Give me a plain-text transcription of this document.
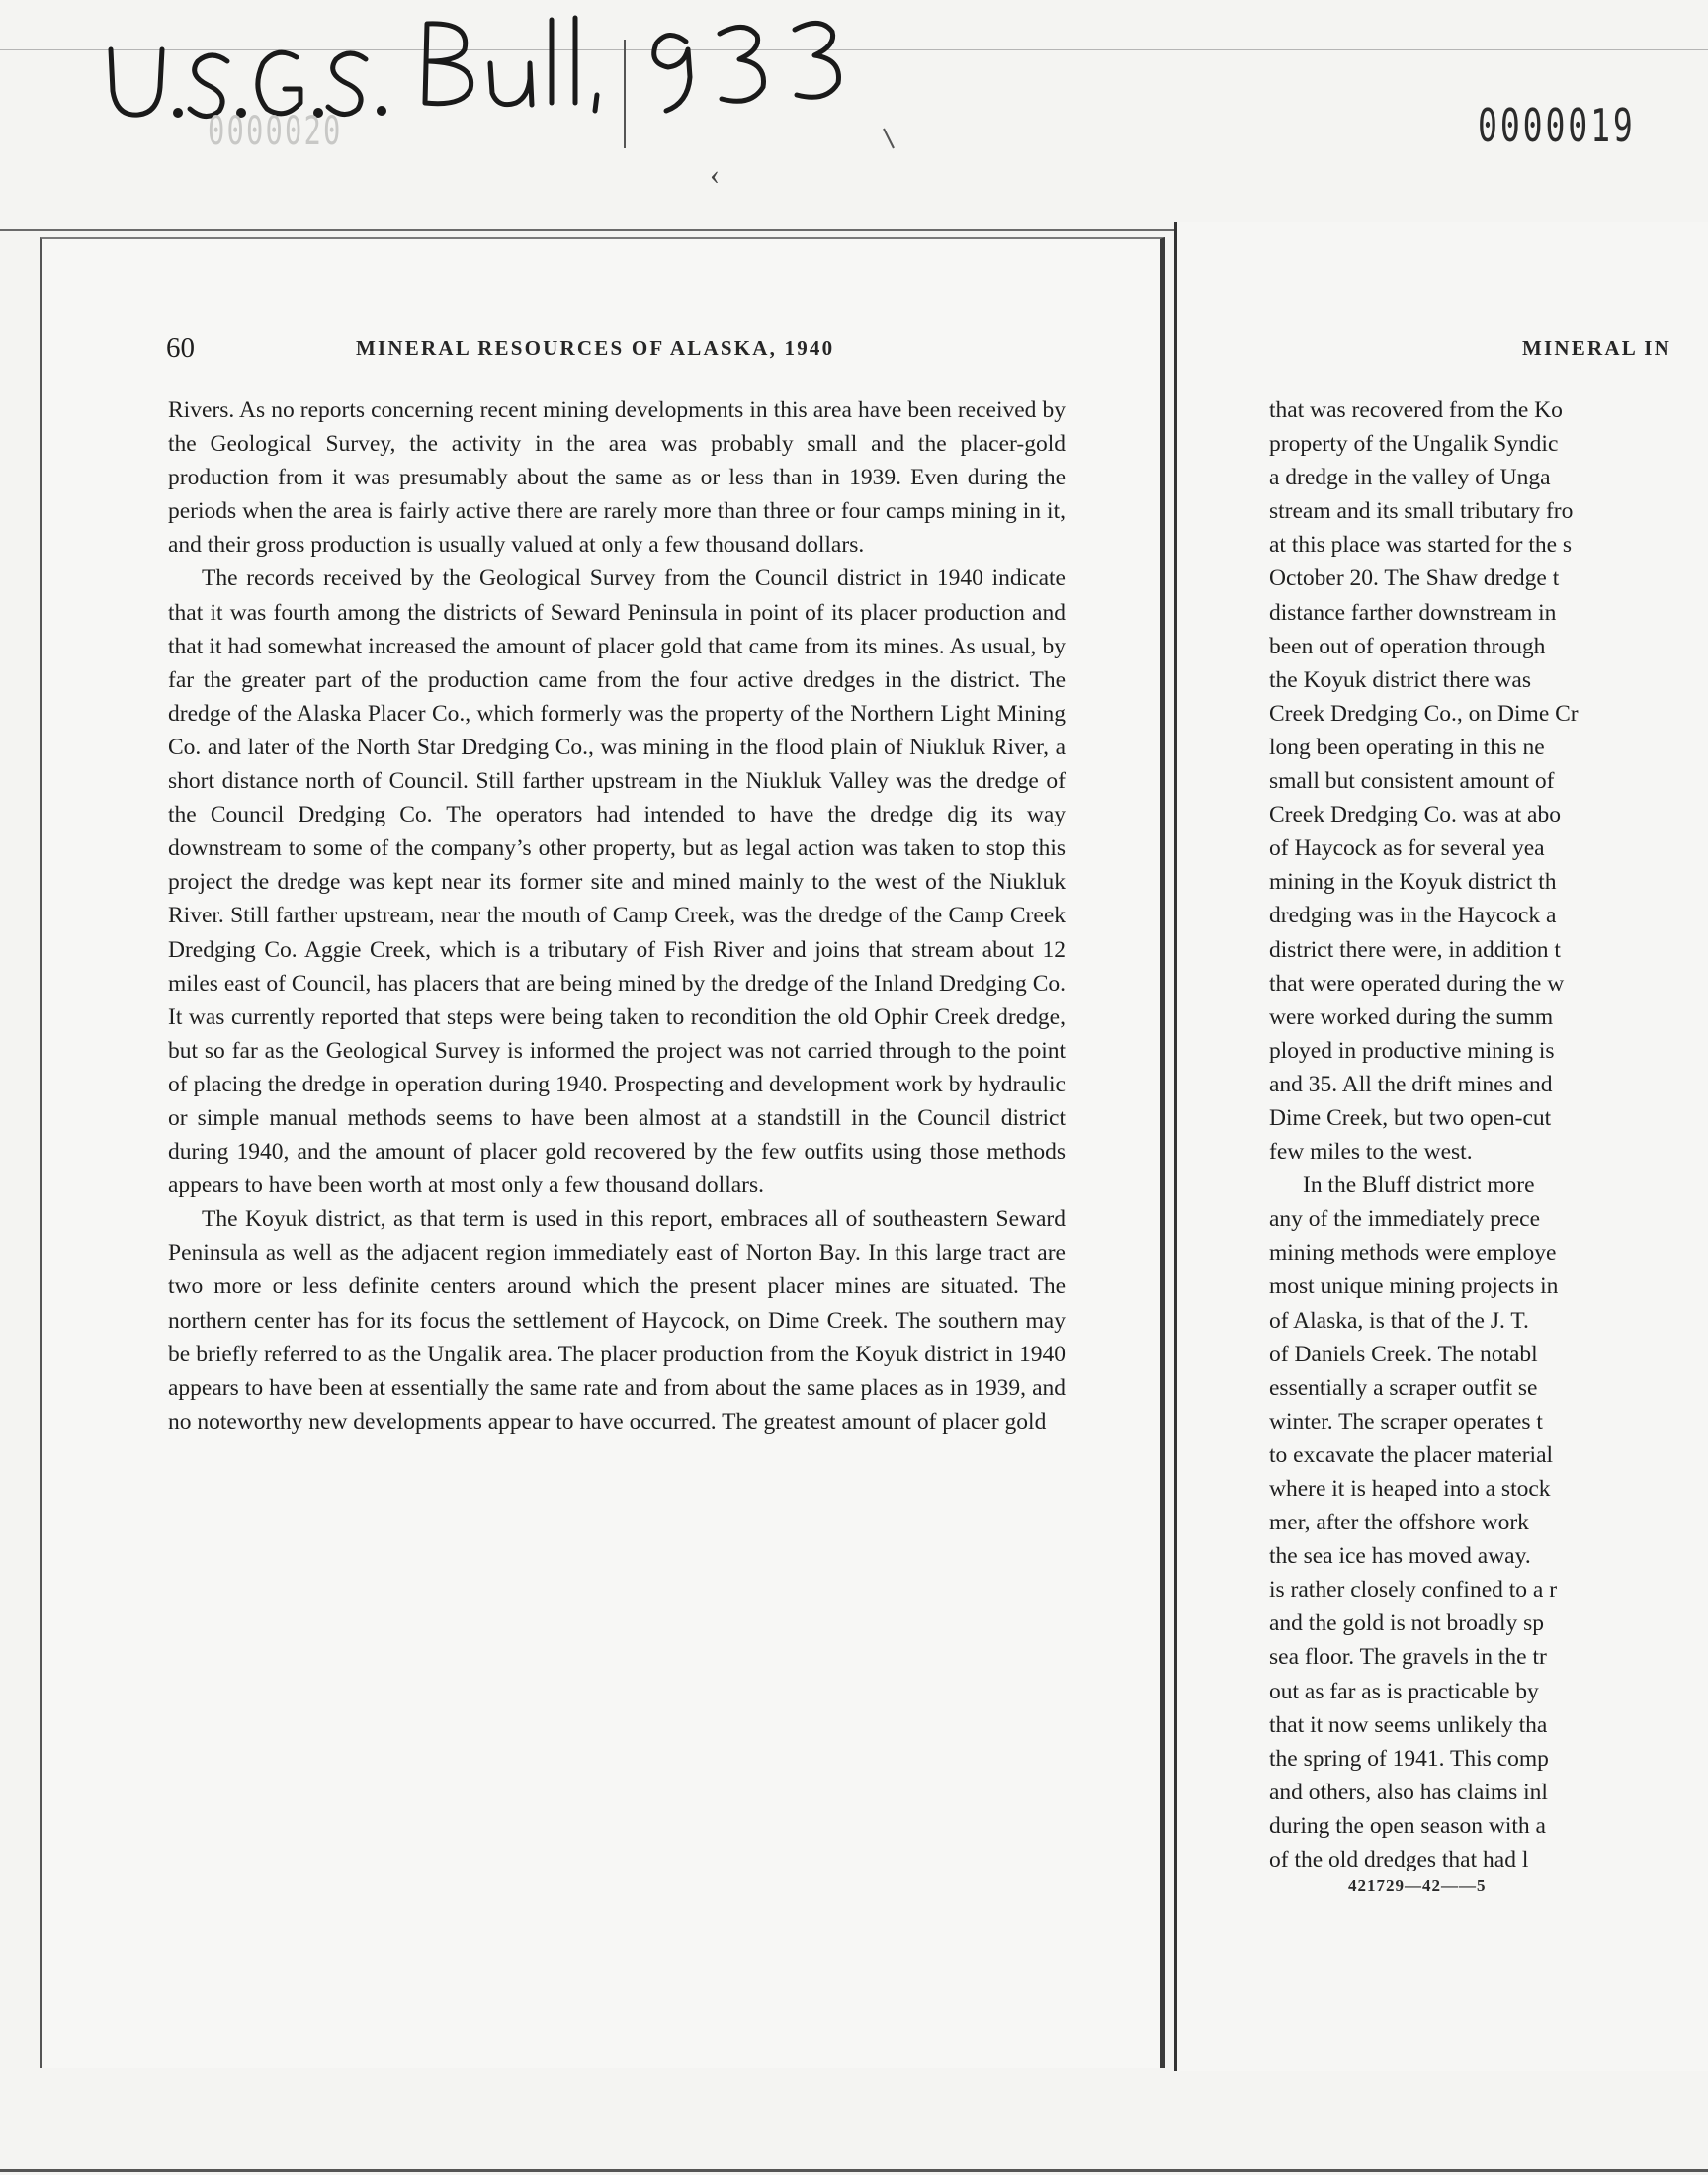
0000020	0000019
‹
60	MINERAL RESOURCES OF ALASKA, 1940

Rivers. As no reports concerning recent mining developments in this area have been received by the Geological Survey, the activity in the area was probably small and the placer-gold production from it was presumably about the same as or less than in 1939. Even during the periods when the area is fairly active there are rarely more than three or four camps mining in it, and their gross production is usually valued at only a few thousand dollars.

The records received by the Geological Survey from the Council district in 1940 indicate that it was fourth among the districts of Seward Peninsula in point of its placer production and that it had somewhat increased the amount of placer gold that came from its mines. As usual, by far the greater part of the production came from the four active dredges in the district. The dredge of the Alaska Placer Co., which formerly was the property of the Northern Light Mining Co. and later of the North Star Dredging Co., was mining in the flood plain of Niukluk River, a short distance north of Council. Still farther upstream in the Niukluk Valley was the dredge of the Council Dredging Co. The operators had intended to have the dredge dig its way downstream to some of the company’s other property, but as legal action was taken to stop this project the dredge was kept near its former site and mined mainly to the west of the Niukluk River. Still farther upstream, near the mouth of Camp Creek, was the dredge of the Camp Creek Dredging Co. Aggie Creek, which is a tributary of Fish River and joins that stream about 12 miles east of Council, has placers that are being mined by the dredge of the Inland Dredging Co. It was currently reported that steps were being taken to recondition the old Ophir Creek dredge, but so far as the Geological Survey is informed the project was not carried through to the point of placing the dredge in operation during 1940. Prospecting and development work by hydraulic or simple manual methods seems to have been almost at a standstill in the Council district during 1940, and the amount of placer gold recovered by the few outfits using those methods appears to have been worth at most only a few thousand dollars.

The Koyuk district, as that term is used in this report, embraces all of southeastern Seward Peninsula as well as the adjacent region immediately east of Norton Bay. In this large tract are two more or less definite centers around which the present placer mines are situated. The northern center has for its focus the settlement of Haycock, on Dime Creek. The southern may be briefly referred to as the Ungalik area. The placer production from the Koyuk district in 1940 appears to have been at essentially the same rate and from about the same places as in 1939, and no noteworthy new developments appear to have occurred. The greatest amount of placer gold

MINERAL IN
that was recovered from the Ko
property of the Ungalik Syndic
a dredge in the valley of Unga
stream and its small tributary fro
at this place was started for the s
October 20. The Shaw dredge t
distance farther downstream in
been out of operation through
the Koyuk district there was
Creek Dredging Co., on Dime Cr
long been operating in this ne
small but consistent amount of
Creek Dredging Co. was at abo
of Haycock as for several yea
mining in the Koyuk district th
dredging was in the Haycock a
district there were, in addition t
that were operated during the w
were worked during the summ
ployed in productive mining is
and 35. All the drift mines and
Dime Creek, but two open-cut
few miles to the west.
In the Bluff district more
any of the immediately prece
mining methods were employe
most unique mining projects in
of Alaska, is that of the J. T.
of Daniels Creek. The notabl
essentially a scraper outfit se
winter. The scraper operates t
to excavate the placer material
where it is heaped into a stock
mer, after the offshore work
the sea ice has moved away.
is rather closely confined to a r
and the gold is not broadly sp
sea floor. The gravels in the tr
out as far as is practicable by
that it now seems unlikely tha
the spring of 1941. This comp
and others, also has claims inl
during the open season with a
of the old dredges that had l
421729—42——5
